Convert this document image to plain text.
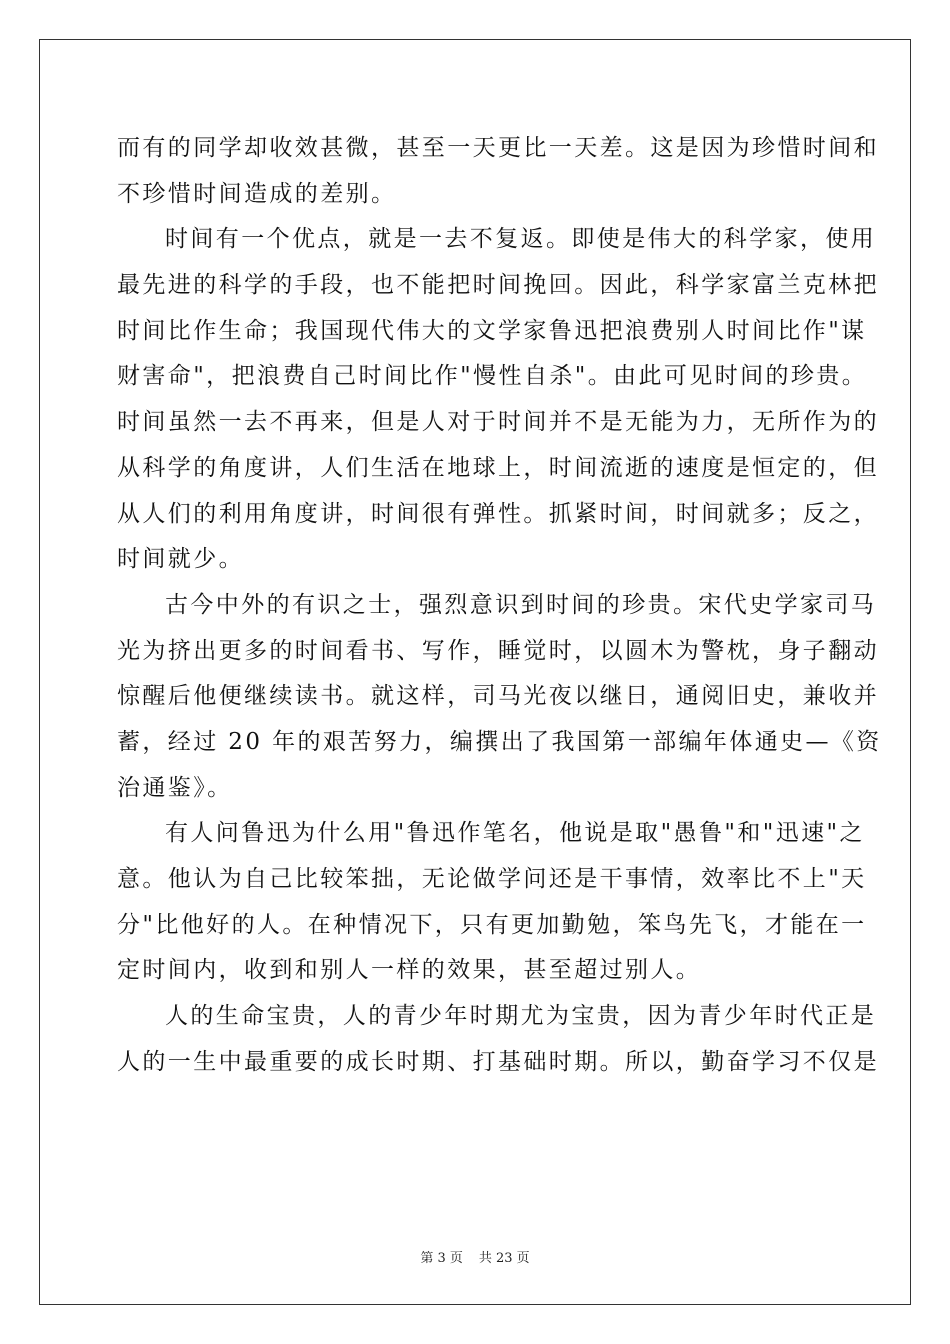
而有的同学却收效甚微，甚至一天更比一天差。这是因为珍惜时间和
不珍惜时间造成的差别。
时间有一个优点，就是一去不复返。即使是伟大的科学家，使用
最先进的科学的手段，也不能把时间挽回。因此，科学家富兰克林把
时间比作生命；我国现代伟大的文学家鲁迅把浪费别人时间比作"谋
财害命"，把浪费自己时间比作"慢性自杀"。由此可见时间的珍贵。
时间虽然一去不再来，但是人对于时间并不是无能为力，无所作为的
从科学的角度讲，人们生活在地球上，时间流逝的速度是恒定的，但
从人们的利用角度讲，时间很有弹性。抓紧时间，时间就多；反之，
时间就少。
古今中外的有识之士，强烈意识到时间的珍贵。宋代史学家司马
光为挤出更多的时间看书、写作，睡觉时，以圆木为警枕，身子翻动
惊醒后他便继续读书。就这样，司马光夜以继日，通阅旧史，兼收并
蓄，经过 20 年的艰苦努力，编撰出了我国第一部编年体通史—《资
治通鉴》。
有人问鲁迅为什么用"鲁迅作笔名，他说是取"愚鲁"和"迅速"之
意。他认为自己比较笨拙，无论做学问还是干事情，效率比不上"天
分"比他好的人。在种情况下，只有更加勤勉，笨鸟先飞，才能在一
定时间内，收到和别人一样的效果，甚至超过别人。
人的生命宝贵，人的青少年时期尤为宝贵，因为青少年时代正是
人的一生中最重要的成长时期、打基础时期。所以，勤奋学习不仅是
第 3 页 共 23 页
